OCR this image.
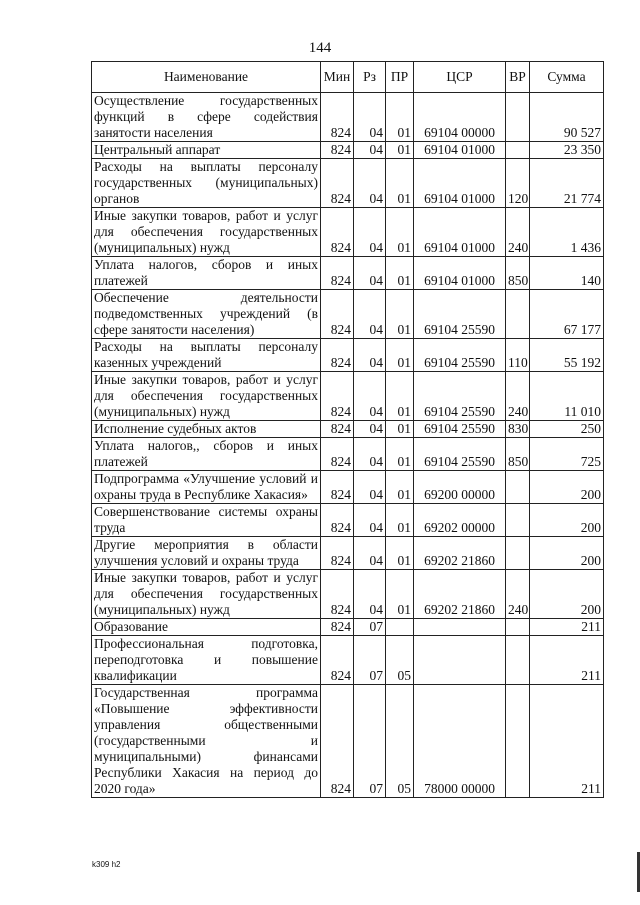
144
Наименование	Мин	Рз	ПР	ЦСР	ВР	Сумма
Осуществление государственных функций в сфере содействия занятости населения	824	04	01	69104 00000		90 527
Центральный аппарат	824	04	01	69104 01000		23 350
Расходы на выплаты персоналу государственных (муниципальных) органов	824	04	01	69104 01000	120	21 774
Иные закупки товаров, работ и услуг для обеспечения государственных (муниципальных) нужд	824	04	01	69104 01000	240	1 436
Уплата налогов, сборов и иных платежей	824	04	01	69104 01000	850	140
Обеспечение деятельности подведомственных учреждений (в сфере занятости населения)	824	04	01	69104 25590		67 177
Расходы на выплаты персоналу казенных учреждений	824	04	01	69104 25590	110	55 192
Иные закупки товаров, работ и услуг для обеспечения государственных (муниципальных) нужд	824	04	01	69104 25590	240	11 010
Исполнение судебных актов	824	04	01	69104 25590	830	250
Уплата налогов,, сборов и иных платежей	824	04	01	69104 25590	850	725
Подпрограмма «Улучшение условий и охраны труда в Республике Хакасия»	824	04	01	69200 00000		200
Совершенствование системы охраны труда	824	04	01	69202 00000		200
Другие мероприятия в области улучшения условий и охраны труда	824	04	01	69202 21860		200
Иные закупки товаров, работ и услуг для обеспечения государственных (муниципальных) нужд	824	04	01	69202 21860	240	200
Образование	824	07				211
Профессиональная подготовка, переподготовка и повышение квалификации	824	07	05			211
Государственная программа «Повышение эффективности управления общественными (государственными и муниципальными) финансами Республики Хакасия на период до 2020 года»	824	07	05	78000 00000		211
k309 h2
